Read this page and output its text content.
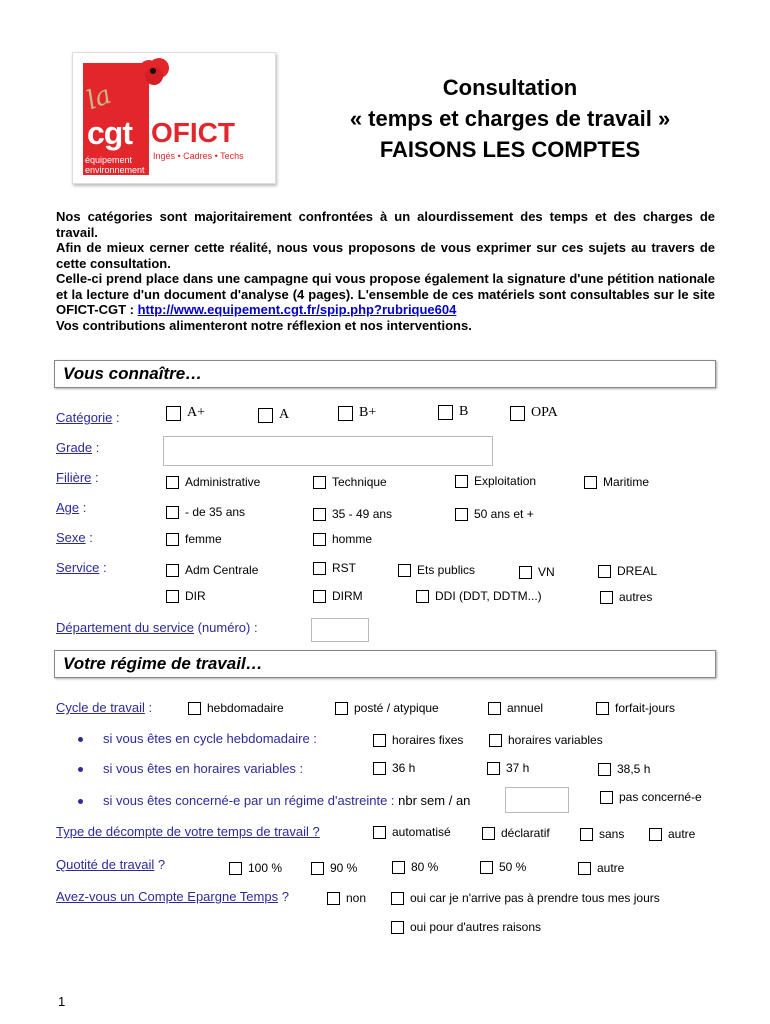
la
cgt OFICT
Ingés • Cadres • Techs
équipement
environnement
Consultation
« temps et charges de travail »
FAISONS LES COMPTES
Nos catégories sont majoritairement confrontées à un alourdissement des temps et des charges de travail.
Afin de mieux cerner cette réalité, nous vous proposons de vous exprimer sur ces sujets au travers de cette consultation.
Celle-ci prend place dans une campagne qui vous propose également la signature d'une pétition nationale et la lecture d'un document d'analyse (4 pages). L'ensemble de ces matériels sont consultables sur le site OFICT-CGT : http://www.equipement.cgt.fr/spip.php?rubrique604
Vos contributions alimenteront notre réflexion et nos interventions.
Vous connaître…
Catégorie :	A+	A	B+	B	OPA
Grade :
Filière :	Administrative	Technique	Exploitation	Maritime
Age :	- de 35 ans	35 - 49 ans	50 ans et +
Sexe :	femme	homme
Service :	Adm Centrale	RST	Ets publics	VN	DREAL
DIR	DIRM	DDI (DDT, DDTM...)	autres
Département du service (numéro) :
Votre régime de travail…
Cycle de travail :	hebdomadaire	posté / atypique	annuel	forfait-jours
si vous êtes en cycle hebdomadaire :	horaires fixes	horaires variables
si vous êtes en horaires variables :	36 h	37 h	38,5 h
si vous êtes concerné-e par un régime d'astreinte : nbr sem / an	pas concerné-e
Type de décompte de votre temps de travail ?	automatisé	déclaratif	sans	autre
Quotité de travail ?	100 %	90 %	80 %	50 %	autre
Avez-vous un Compte Epargne Temps ?	non	oui car je n'arrive pas à prendre tous mes jours
oui pour d'autres raisons
1
